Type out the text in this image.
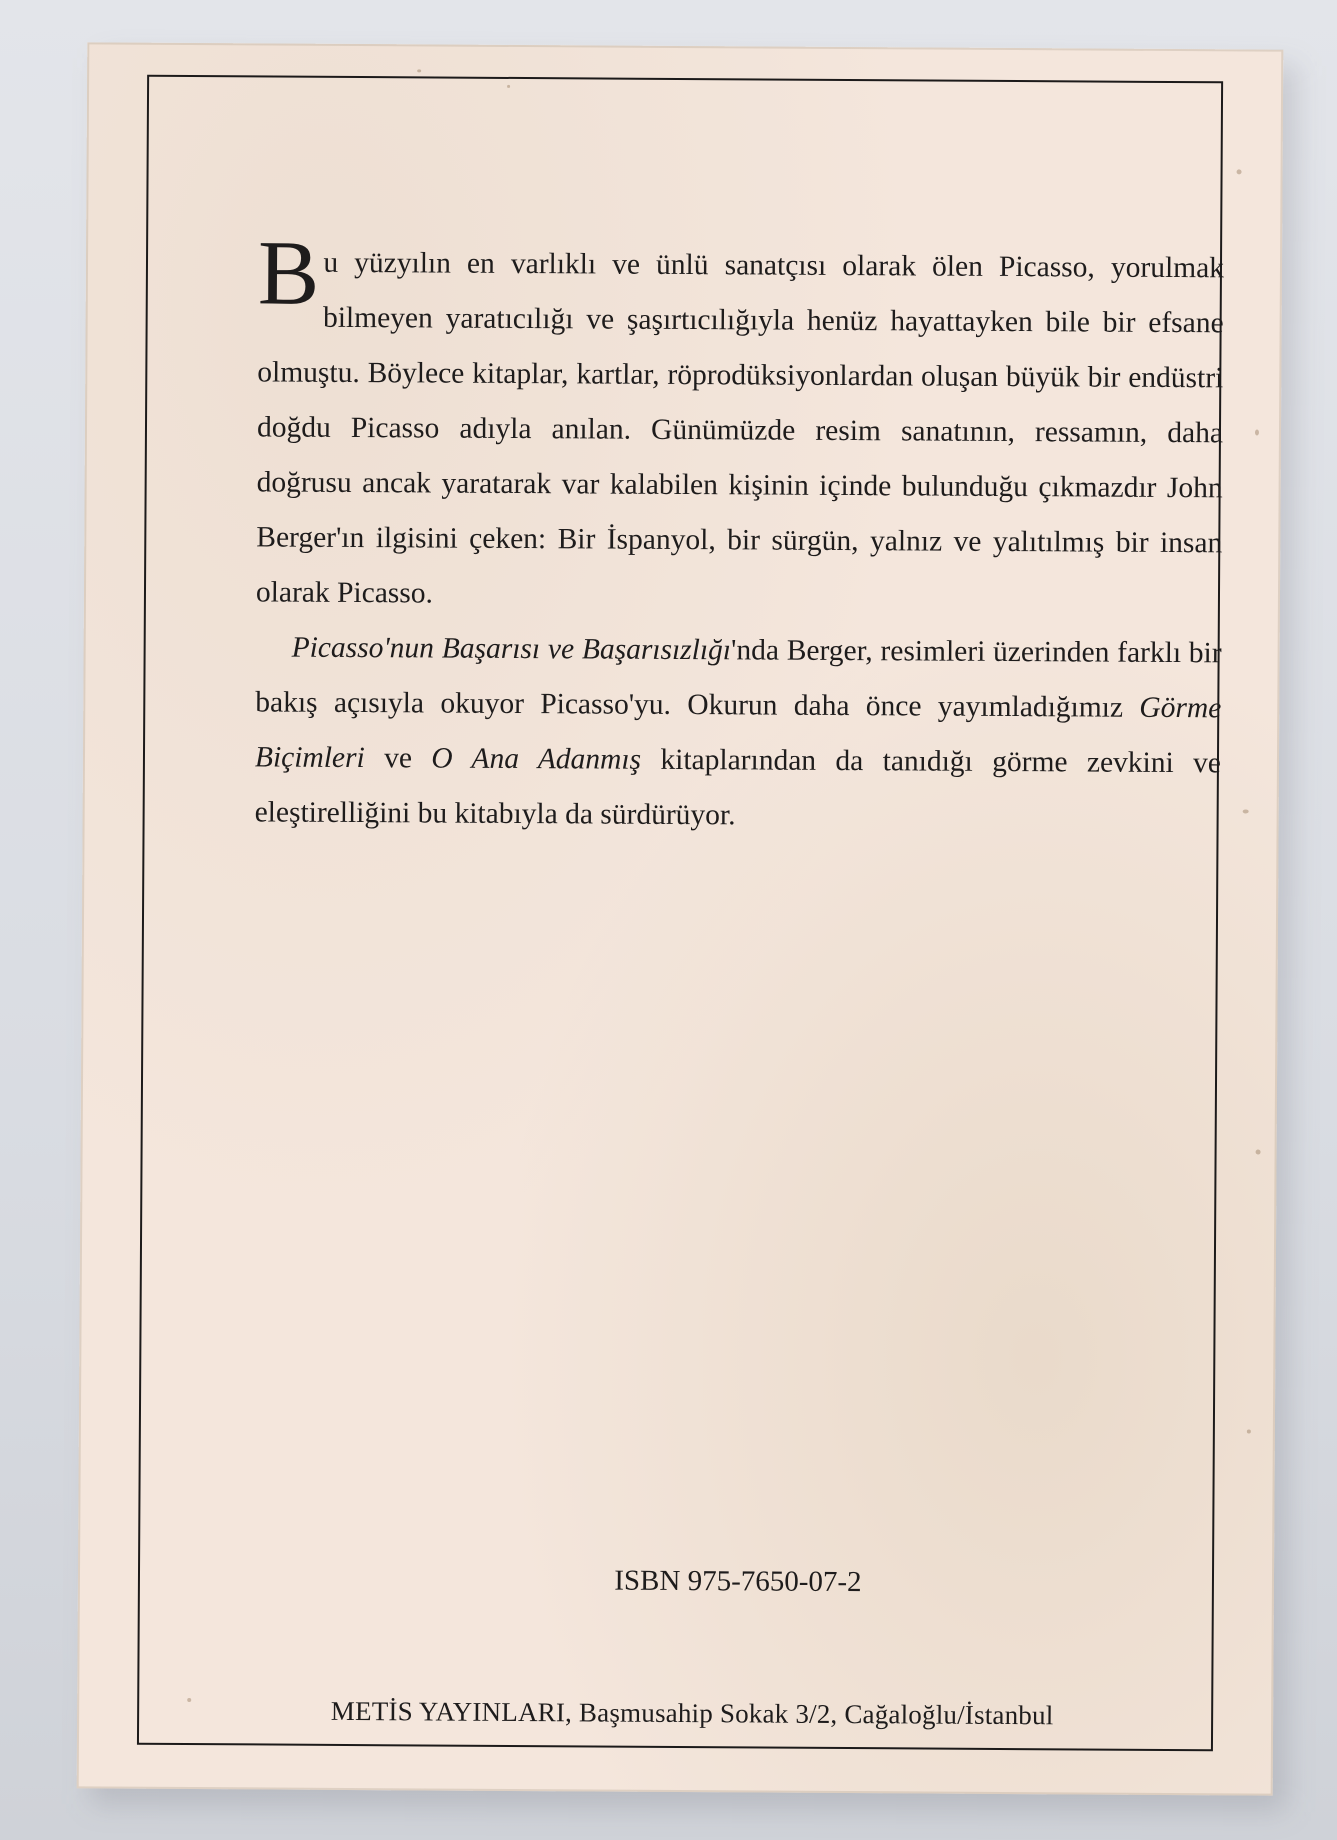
Bu yüzyılın en varlıklı ve ünlü sanatçısı olarak ölen Picasso, yorulmak bilmeyen yaratıcılığı ve şaşırtıcılığıyla henüz hayattayken bile bir efsane olmuştu. Böylece kitaplar, kartlar, röprodüksiyonlardan oluşan büyük bir endüstri doğdu Picasso adıyla anılan. Günümüzde resim sanatının, ressamın, daha doğrusu ancak yaratarak var kalabilen kişinin içinde bulunduğu çıkmazdır John Berger'ın ilgisini çeken: Bir İspanyol, bir sürgün, yalnız ve yalıtılmış bir insan olarak Picasso.

Picasso'nun Başarısı ve Başarısızlığı'nda Berger, resimleri üzerinden farklı bir bakış açısıyla okuyor Picasso'yu. Okurun daha önce yayımladığımız Görme Biçimleri ve O Ana Adanmış kitaplarından da tanıdığı görme zevkini ve eleştirelliğini bu kitabıyla da sürdürüyor.

ISBN 975-7650-07-2
METİS YAYINLARI, Başmusahip Sokak 3/2, Cağaloğlu/İstanbul
